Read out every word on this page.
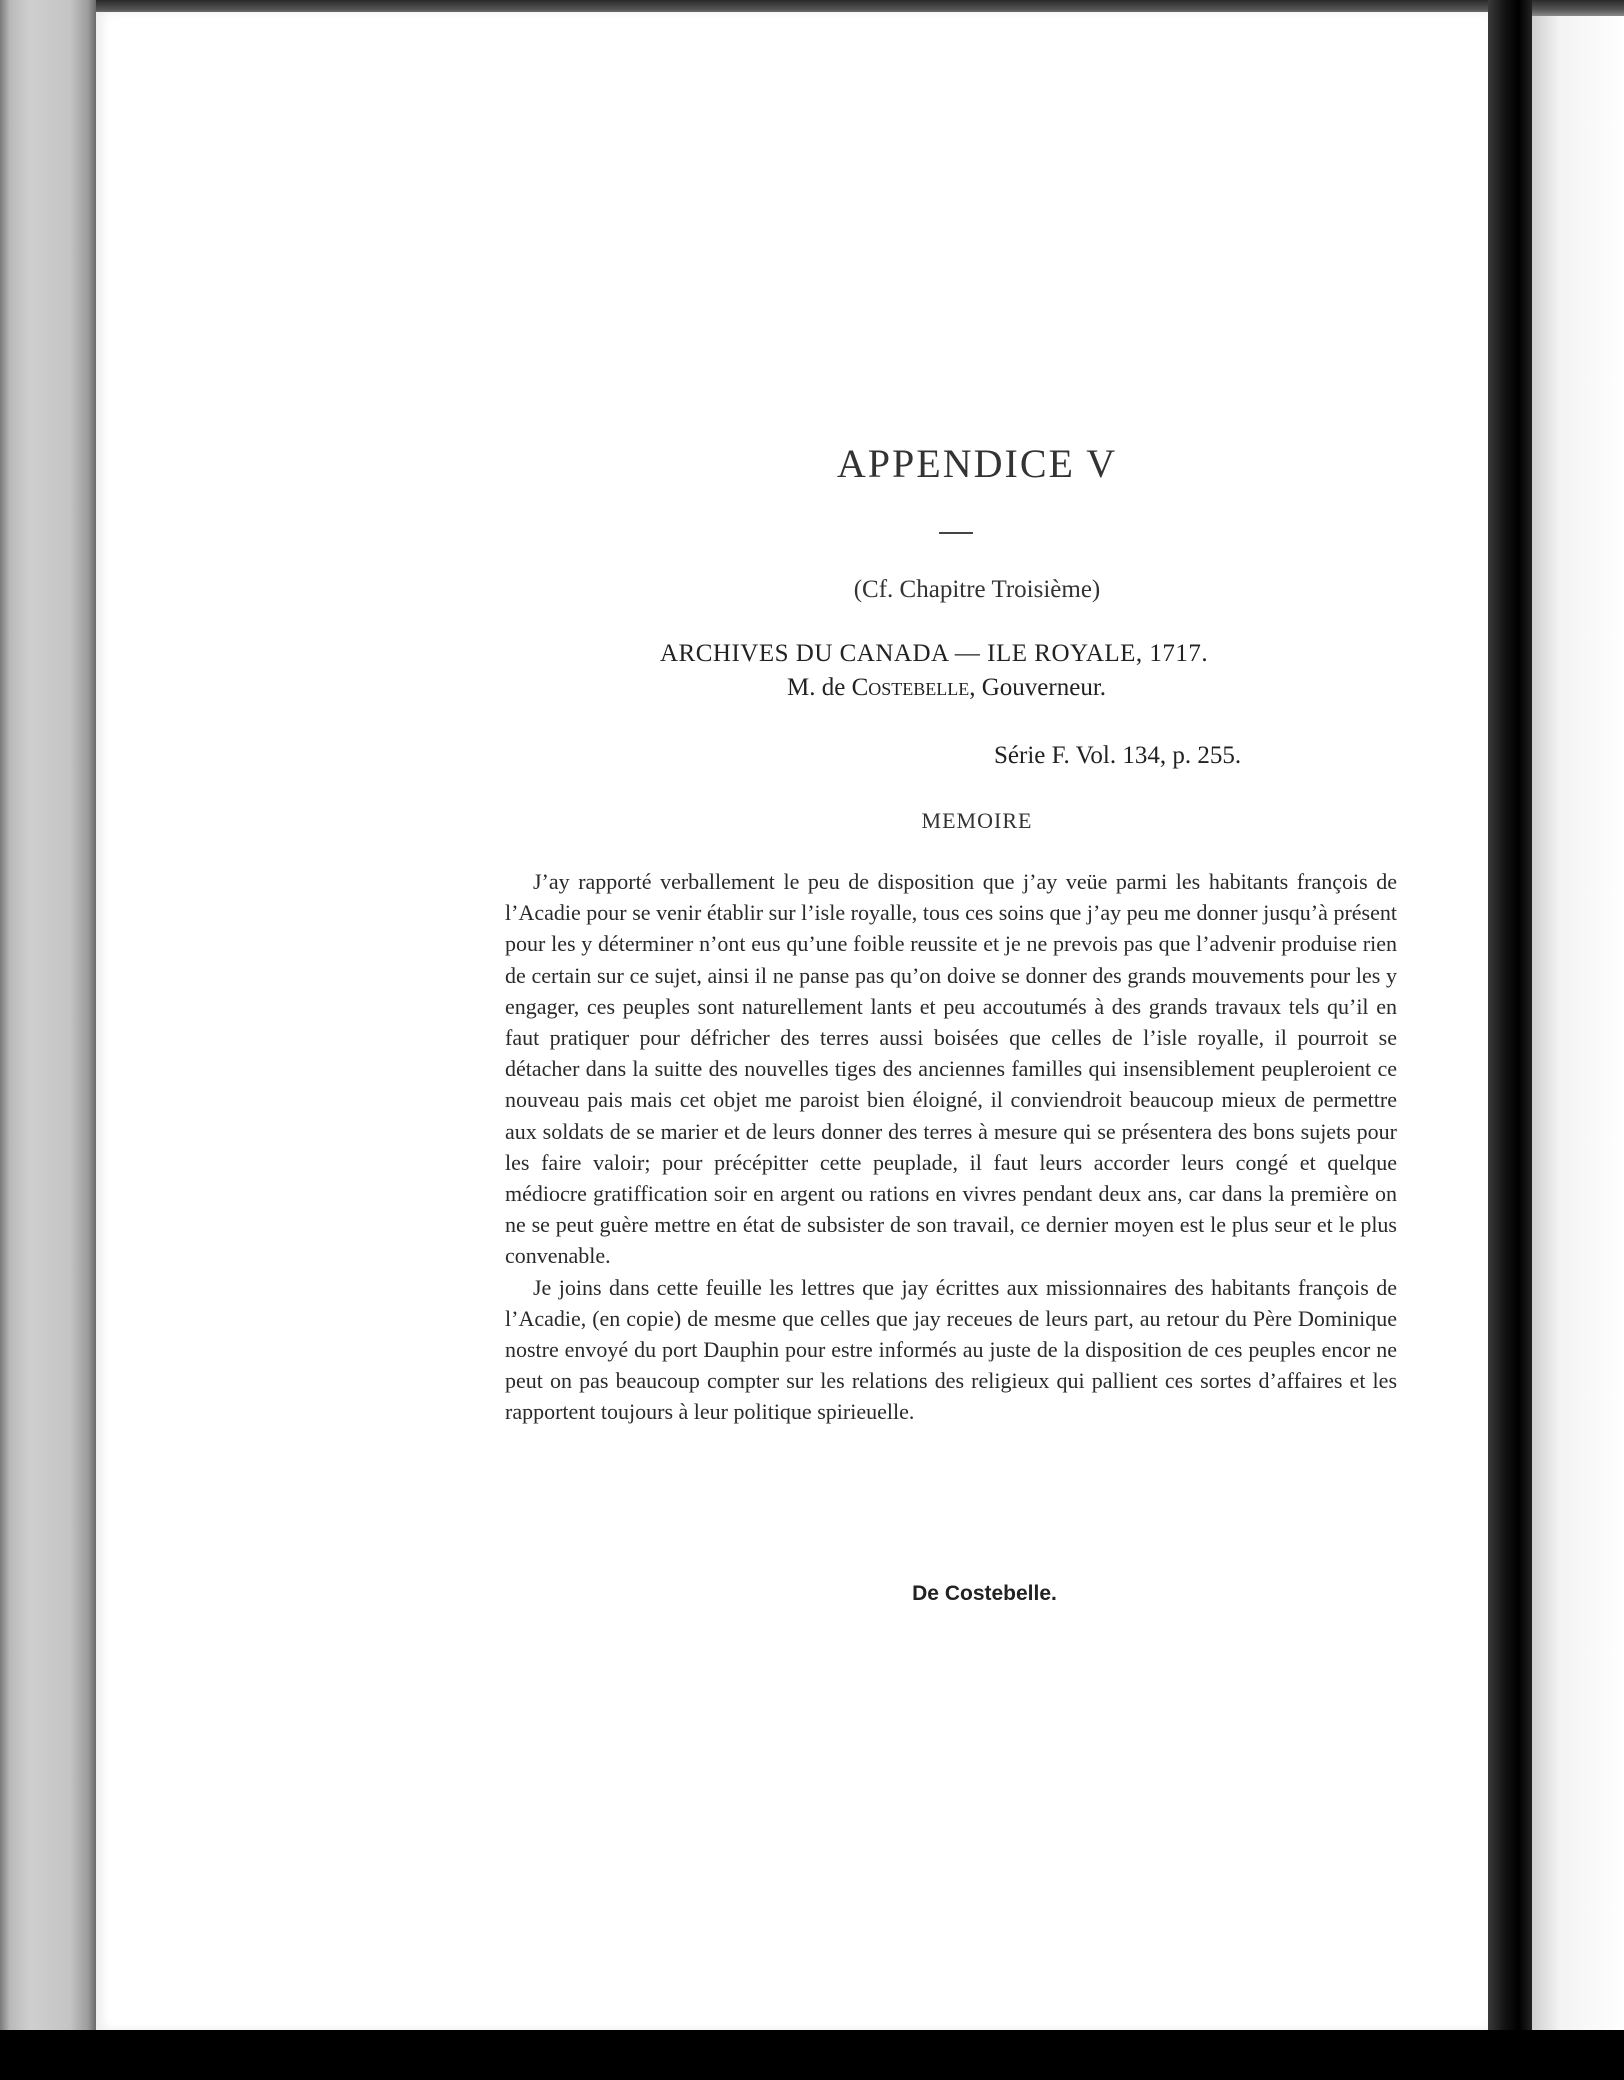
APPENDICE V
(Cf. Chapitre Troisième)
ARCHIVES DU CANADA — ILE ROYALE, 1717.
M. de Costebelle, Gouverneur.
Série F. Vol. 134, p. 255.
MEMOIRE

J’ay rapporté verballement le peu de disposition que j’ay veüe parmi les habitants françois de l’Acadie pour se venir établir sur l’isle royalle, tous ces soins que j’ay peu me donner jusqu’à présent pour les y déterminer n’ont eus qu’une foible reussite et je ne prevois pas que l’advenir produise rien de certain sur ce sujet, ainsi il ne panse pas qu’on doive se donner des grands mouvements pour les y engager, ces peuples sont naturellement lants et peu accoutumés à des grands travaux tels qu’il en faut pratiquer pour défricher des terres aussi boisées que celles de l’isle royalle, il pourroit se détacher dans la suitte des nouvelles tiges des anciennes familles qui insensiblement peupleroient ce nouveau pais mais cet objet me paroist bien éloigné, il conviendroit beaucoup mieux de permettre aux soldats de se marier et de leurs donner des terres à mesure qui se présentera des bons sujets pour les faire valoir; pour précépitter cette peuplade, il faut leurs accorder leurs congé et quelque médiocre gratiffication soir en argent ou rations en vivres pendant deux ans, car dans la première on ne se peut guère mettre en état de subsister de son travail, ce dernier moyen est le plus seur et le plus convenable.

Je joins dans cette feuille les lettres que jay écrittes aux missionnaires des habitants françois de l’Acadie, (en copie) de mesme que celles que jay receues de leurs part, au retour du Père Dominique nostre envoyé du port Dauphin pour estre informés au juste de la disposition de ces peuples encor ne peut on pas beaucoup compter sur les relations des religieux qui pallient ces sortes d’affaires et les rapportent toujours à leur politique spirieuelle.

De Costebelle.
